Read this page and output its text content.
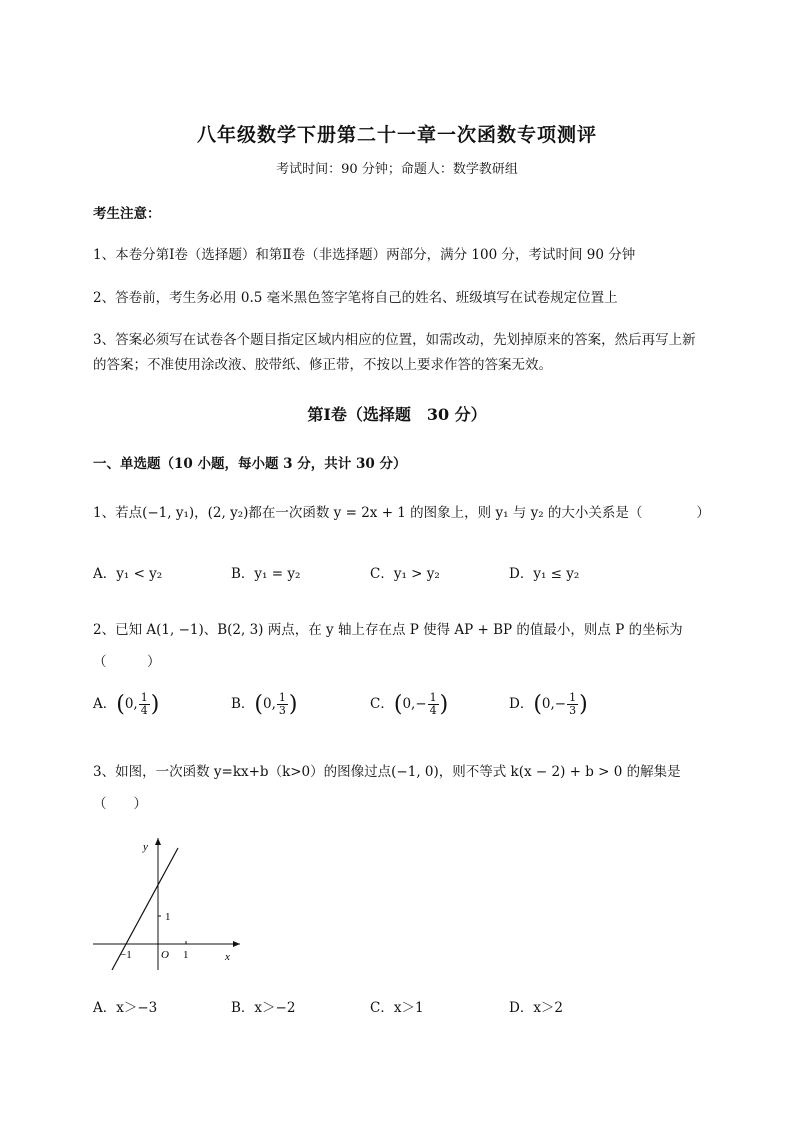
八年级数学下册第二十一章一次函数专项测评
考试时间：90 分钟；命题人：数学教研组
考生注意：
1、本卷分第Ⅰ卷（选择题）和第Ⅱ卷（非选择题）两部分，满分 100 分，考试时间 90 分钟
2、答卷前，考生务必用 0.5 毫米黑色签字笔将自己的姓名、班级填写在试卷规定位置上
3、答案必须写在试卷各个题目指定区域内相应的位置，如需改动，先划掉原来的答案，然后再写上新
的答案；不准使用涂改液、胶带纸、修正带，不按以上要求作答的答案无效。
第Ⅰ卷（选择题　30 分）
一、单选题（10 小题，每小题 3 分，共计 30 分）
1、若点(−1, y₁)，(2, y₂)都在一次函数 y = 2x + 1 的图象上，则 y₁ 与 y₂ 的大小关系是（　　　　）
A．y₁ < y₂	B．y₁ = y₂	C．y₁ > y₂	D．y₁ ≤ y₂
2、已知 A(1, −1)、B(2, 3) 两点，在 y 轴上存在点 P 使得 AP + BP 的值最小，则点 P 的坐标为
（　　　）
A．(0, $\frac{1}{4}$ )	B．(0, $\frac{1}{3}$ )	C．($0,- \frac{1}{4}$ )	D．($0,- \frac{1}{3}$ )
3、如图，一次函数 y=kx+b（k>0）的图像过点(−1, 0)，则不等式 k(x − 2) + b > 0 的解集是
（　　）
y
x
O
−1	1
1
A．x＞−3	B．x＞−2	C．x＞1	D．x＞2
